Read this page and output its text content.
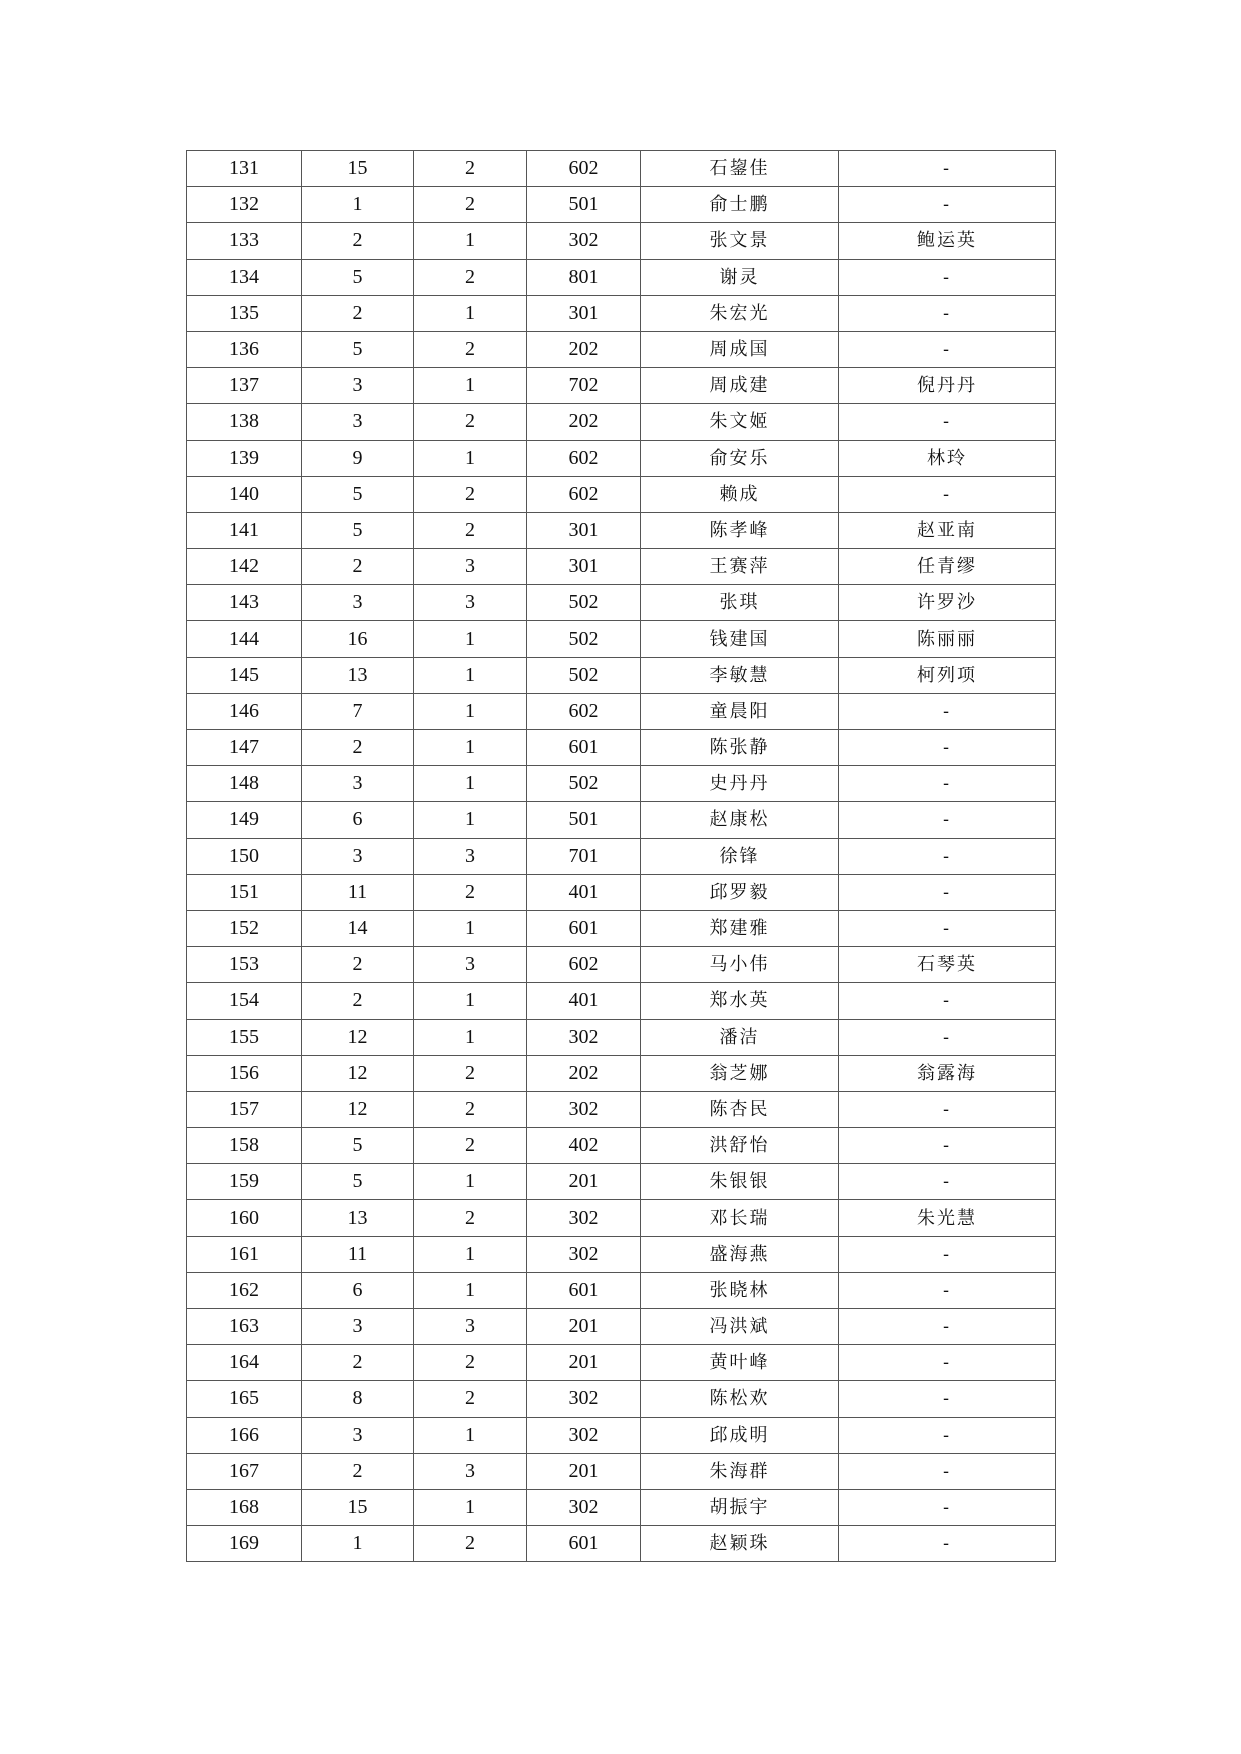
131	15	2	602	石鋆佳	-
132	1	2	501	俞士鹏	-
133	2	1	302	张文景	鲍运英
134	5	2	801	谢灵	-
135	2	1	301	朱宏光	-
136	5	2	202	周成国	-
137	3	1	702	周成建	倪丹丹
138	3	2	202	朱文姬	-
139	9	1	602	俞安乐	林玲
140	5	2	602	赖成	-
141	5	2	301	陈孝峰	赵亚南
142	2	3	301	王赛萍	任青缪
143	3	3	502	张琪	许罗沙
144	16	1	502	钱建国	陈丽丽
145	13	1	502	李敏慧	柯列项
146	7	1	602	童晨阳	-
147	2	1	601	陈张静	-
148	3	1	502	史丹丹	-
149	6	1	501	赵康松	-
150	3	3	701	徐锋	-
151	11	2	401	邱罗毅	-
152	14	1	601	郑建雅	-
153	2	3	602	马小伟	石琴英
154	2	1	401	郑水英	-
155	12	1	302	潘洁	-
156	12	2	202	翁芝娜	翁露海
157	12	2	302	陈杏民	-
158	5	2	402	洪舒怡	-
159	5	1	201	朱银银	-
160	13	2	302	邓长瑞	朱光慧
161	11	1	302	盛海燕	-
162	6	1	601	张晓林	-
163	3	3	201	冯洪斌	-
164	2	2	201	黄叶峰	-
165	8	2	302	陈松欢	-
166	3	1	302	邱成明	-
167	2	3	201	朱海群	-
168	15	1	302	胡振宇	-
169	1	2	601	赵颖珠	-
